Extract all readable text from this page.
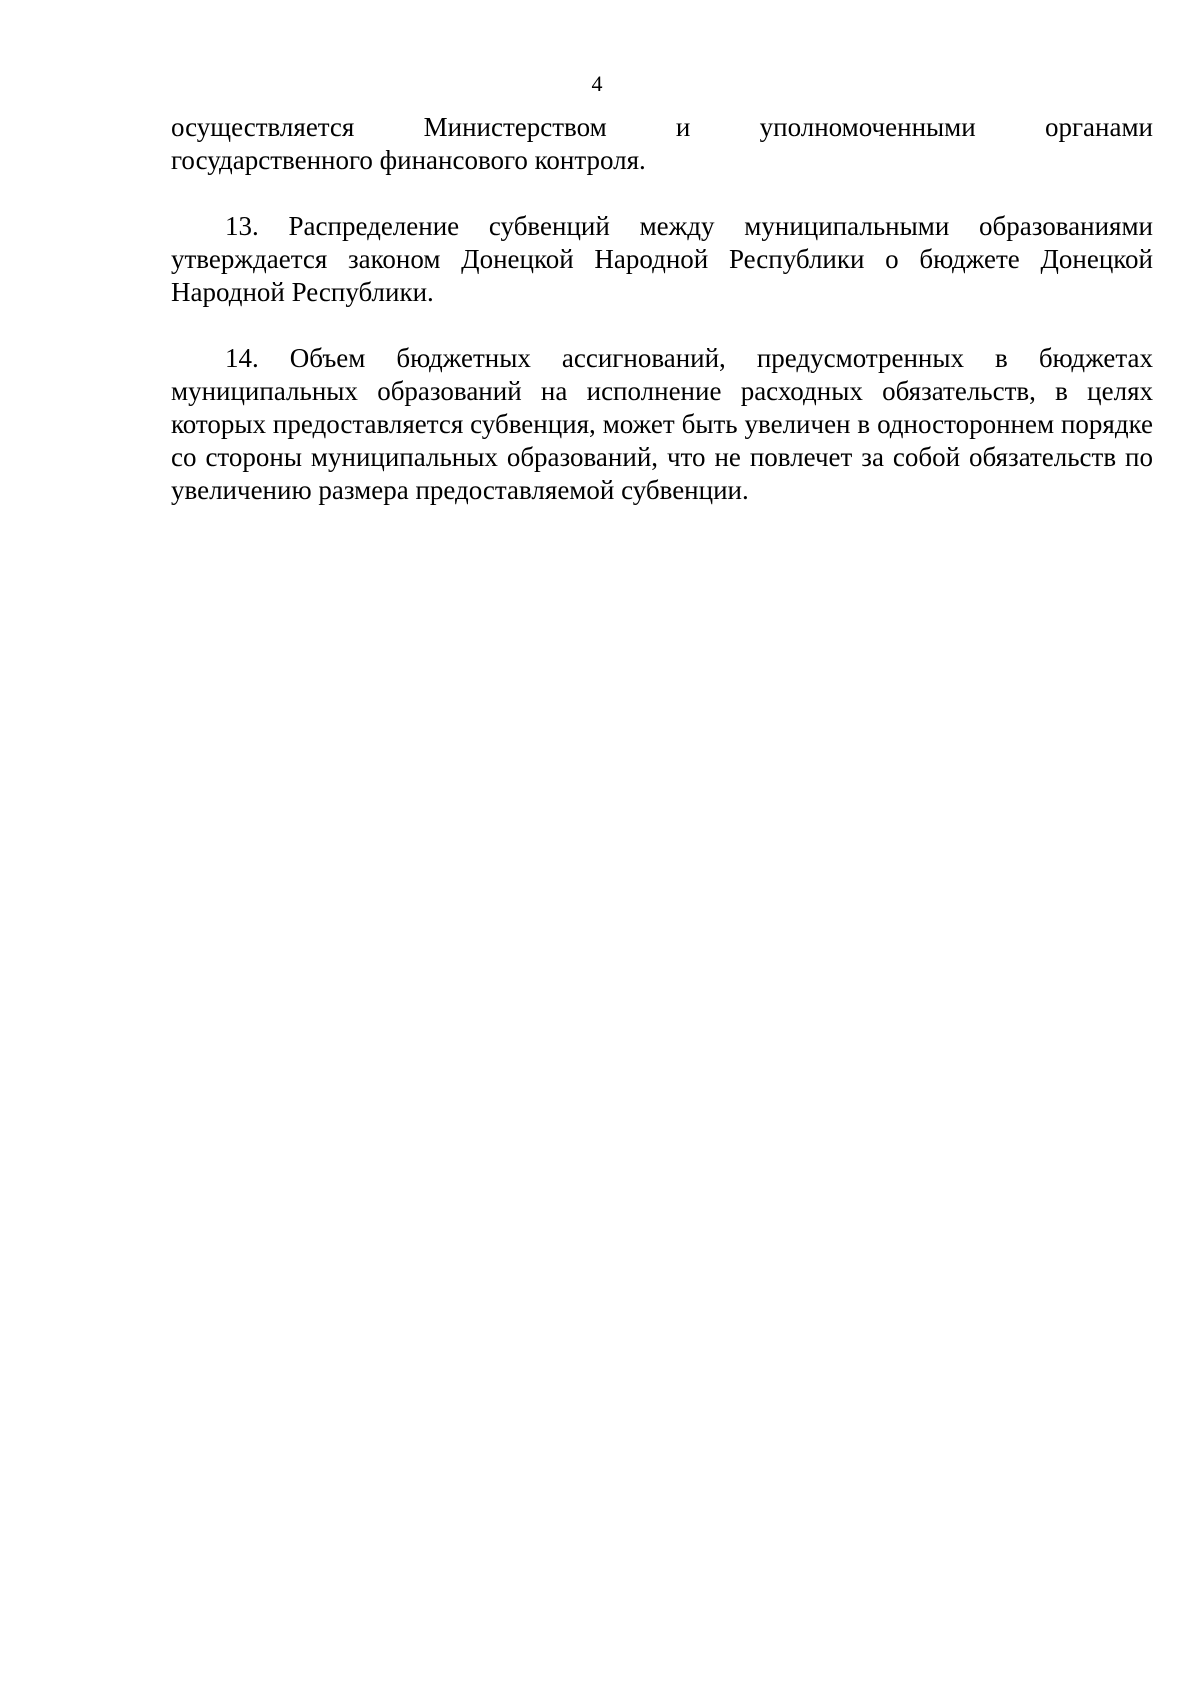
4

осуществляется Министерством и уполномоченными органами
государственного финансового контроля.

13. Распределение субвенций между муниципальными образованиями утверждается законом Донецкой Народной Республики о бюджете Донецкой Народной Республики.

14. Объем бюджетных ассигнований, предусмотренных в бюджетах муниципальных образований на исполнение расходных обязательств, в целях которых предоставляется субвенция, может быть увеличен в одностороннем порядке со стороны муниципальных образований, что не повлечет за собой обязательств по увеличению размера предоставляемой субвенции.
